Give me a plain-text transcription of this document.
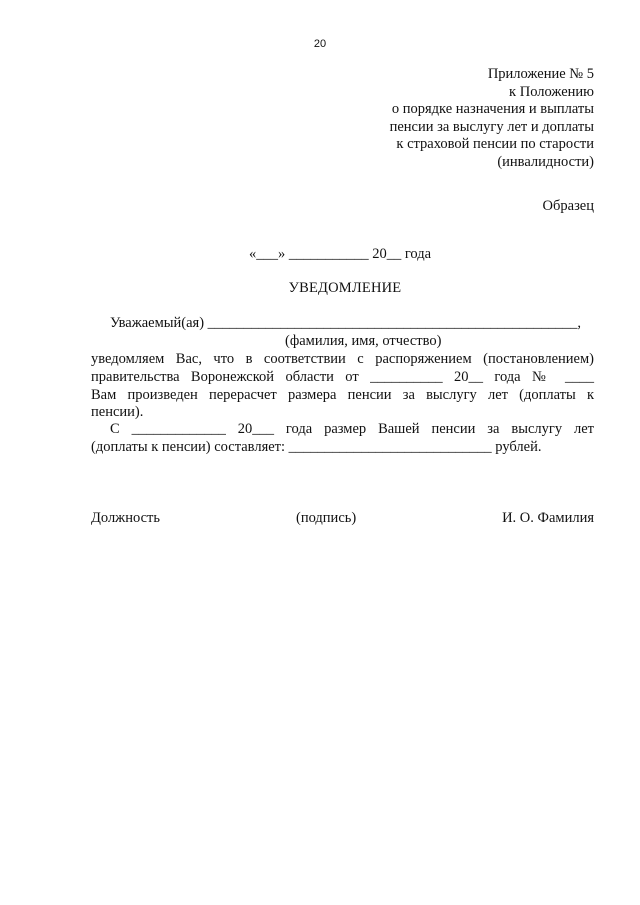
20
Приложение № 5
к Положению
о порядке назначения и выплаты
пенсии за выслугу лет и доплаты
к страховой пенсии по старости
(инвалидности)
Образец
«___» ___________ 20__ года
УВЕДОМЛЕНИЕ
Уважаемый(ая) ___________________________________________________,
(фамилия, имя, отчество)
уведомляем Вас, что в соответствии с распоряжением (постановлением)
правительства Воронежской области от __________ 20__ года № ____
Вам произведен перерасчет размера пенсии за выслугу лет (доплаты к
пенсии).
С _____________ 20___ года размер Вашей пенсии за выслугу лет
(доплаты к пенсии) составляет: ____________________________ рублей.
Должность	(подпись)	И. О. Фамилия
